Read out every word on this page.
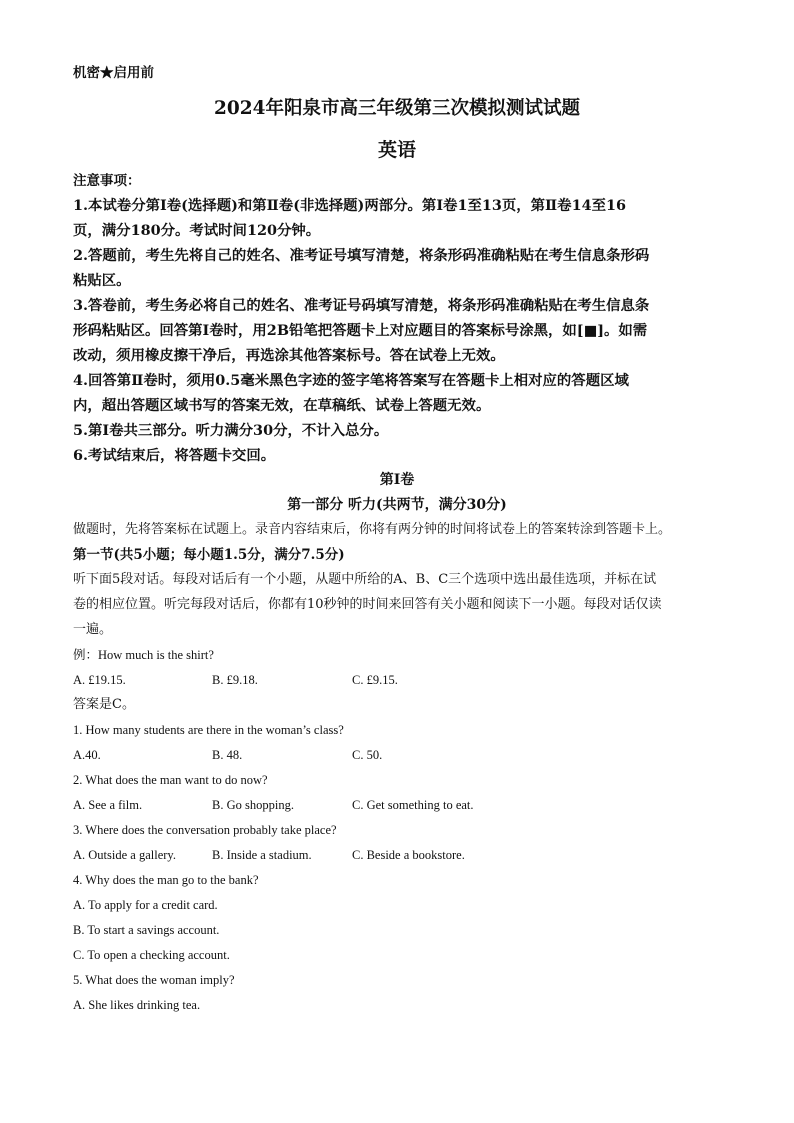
机密★启用前
2024年阳泉市高三年级第三次模拟测试试题
英语
注意事项：
1.本试卷分第Ⅰ卷(选择题)和第Ⅱ卷(非选择题)两部分。第Ⅰ卷1至13页，第Ⅱ卷14至16
页，满分180分。考试时间120分钟。
2.答题前，考生先将自己的姓名、准考证号填写清楚，将条形码准确粘贴在考生信息条形码
粘贴区。
3.答卷前，考生务必将自己的姓名、准考证号码填写清楚，将条形码准确粘贴在考生信息条
形码粘贴区。回答第Ⅰ卷时，用2B铅笔把答题卡上对应题目的答案标号涂黑，如[■]。如需
改动，须用橡皮擦干净后，再选涂其他答案标号。答在试卷上无效。
4.回答第Ⅱ卷时，须用0.5毫米黑色字迹的签字笔将答案写在答题卡上相对应的答题区域
内，超出答题区域书写的答案无效，在草稿纸、试卷上答题无效。
5.第Ⅰ卷共三部分。听力满分30分，不计入总分。
6.考试结束后，将答题卡交回。
第Ⅰ卷
第一部分 听力(共两节，满分30分)
做题时，先将答案标在试题上。录音内容结束后，你将有两分钟的时间将试卷上的答案转涂到答题卡上。
第一节(共5小题；每小题1.5分，满分7.5分)
听下面5段对话。每段对话后有一个小题，从题中所给的A、B、C三个选项中选出最佳选项，并标在试
卷的相应位置。听完每段对话后，你都有10秒钟的时间来回答有关小题和阅读下一小题。每段对话仅读
一遍。
例：How much is the shirt?
A. £19.15.	B. £9.18.	C. £9.15.
答案是C。
1. How many students are there in the woman’s class?
A.40.	B. 48.	C. 50.
2. What does the man want to do now?
A. See a film.	B. Go shopping.	C. Get something to eat.
3. Where does the conversation probably take place?
A. Outside a gallery.	B. Inside a stadium.	C. Beside a bookstore.
4. Why does the man go to the bank?
A. To apply for a credit card.
B. To start a savings account.
C. To open a checking account.
5. What does the woman imply?
A. She likes drinking tea.
